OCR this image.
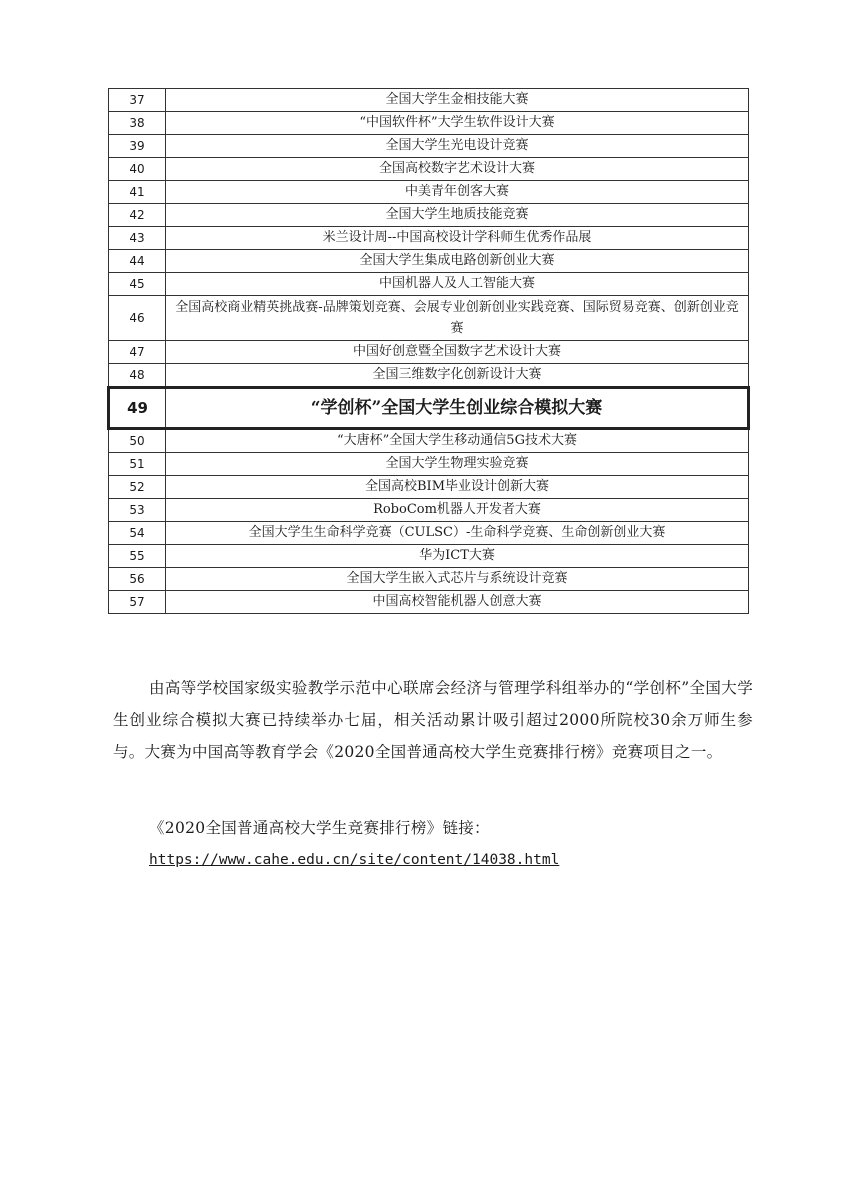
37	全国大学生金相技能大赛
38	“中国软件杯”大学生软件设计大赛
39	全国大学生光电设计竞赛
40	全国高校数字艺术设计大赛
41	中美青年创客大赛
42	全国大学生地质技能竞赛
43	米兰设计周--中国高校设计学科师生优秀作品展
44	全国大学生集成电路创新创业大赛
45	中国机器人及人工智能大赛
46	全国高校商业精英挑战赛-品牌策划竞赛、会展专业创新创业实践竞赛、国际贸易竞赛、创新创业竞赛
47	中国好创意暨全国数字艺术设计大赛
48	全国三维数字化创新设计大赛
49	“学创杯”全国大学生创业综合模拟大赛
50	“大唐杯”全国大学生移动通信5G技术大赛
51	全国大学生物理实验竞赛
52	全国高校BIM毕业设计创新大赛
53	RoboCom机器人开发者大赛
54	全国大学生生命科学竞赛（CULSC）-生命科学竞赛、生命创新创业大赛
55	华为ICT大赛
56	全国大学生嵌入式芯片与系统设计竞赛
57	中国高校智能机器人创意大赛

由高等学校国家级实验教学示范中心联席会经济与管理学科组举办的“学创杯”全国大学生创业综合模拟大赛已持续举办七届，相关活动累计吸引超过2000所院校30余万师生参与。大赛为中国高等教育学会《2020全国普通高校大学生竞赛排行榜》竞赛项目之一。

《2020全国普通高校大学生竞赛排行榜》链接：

https://www.cahe.edu.cn/site/content/14038.html
